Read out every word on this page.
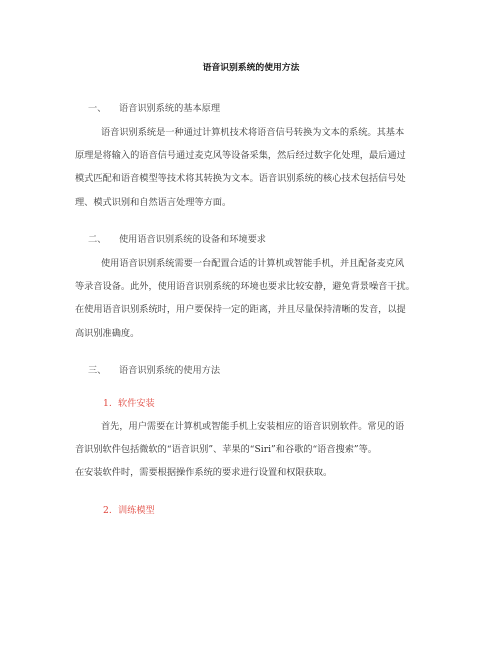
语音识别系统的使用方法
一、 语音识别系统的基本原理
语音识别系统是一种通过计算机技术将语音信号转换为文本的系统。其基本
原理是将输入的语音信号通过麦克风等设备采集，然后经过数字化处理，最后通过
模式匹配和语音模型等技术将其转换为文本。语音识别系统的核心技术包括信号处
理、模式识别和自然语言处理等方面。
二、 使用语音识别系统的设备和环境要求
使用语音识别系统需要一台配置合适的计算机或智能手机，并且配备麦克风
等录音设备。此外，使用语音识别系统的环境也要求比较安静，避免背景噪音干扰。
在使用语音识别系统时，用户要保持一定的距离，并且尽量保持清晰的发音，以提
高识别准确度。
三、 语音识别系统的使用方法
1. 软件安装
首先，用户需要在计算机或智能手机上安装相应的语音识别软件。常见的语
音识别软件包括微软的“语音识别”、苹果的“Siri”和谷歌的“语音搜索”等。
在安装软件时，需要根据操作系统的要求进行设置和权限获取。
2. 训练模型
